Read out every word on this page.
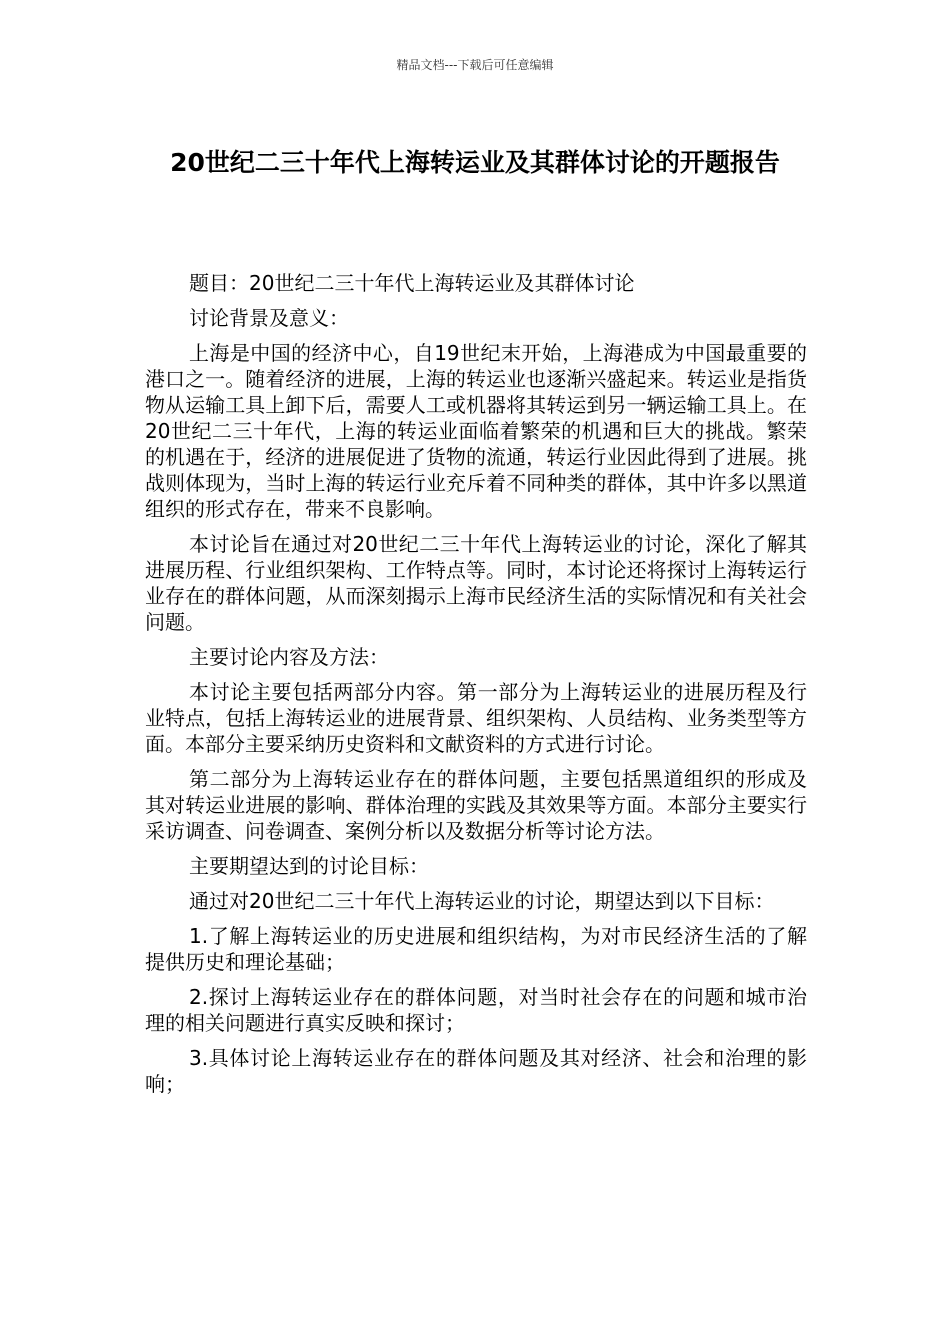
精品文档---下载后可任意编辑
20世纪二三十年代上海转运业及其群体讨论的开题报告

题目：20世纪二三十年代上海转运业及其群体讨论

讨论背景及意义：

上海是中国的经济中心，自19世纪末开始，上海港成为中国最重要的港口之一。随着经济的进展，上海的转运业也逐渐兴盛起来。转运业是指货物从运输工具上卸下后，需要人工或机器将其转运到另一辆运输工具上。在20世纪二三十年代，上海的转运业面临着繁荣的机遇和巨大的挑战。繁荣的机遇在于，经济的进展促进了货物的流通，转运行业因此得到了进展。挑战则体现为，当时上海的转运行业充斥着不同种类的群体，其中许多以黑道组织的形式存在，带来不良影响。

本讨论旨在通过对20世纪二三十年代上海转运业的讨论，深化了解其进展历程、行业组织架构、工作特点等。同时，本讨论还将探讨上海转运行业存在的群体问题，从而深刻揭示上海市民经济生活的实际情况和有关社会问题。

主要讨论内容及方法：

本讨论主要包括两部分内容。第一部分为上海转运业的进展历程及行业特点，包括上海转运业的进展背景、组织架构、人员结构、业务类型等方面。本部分主要采纳历史资料和文献资料的方式进行讨论。

第二部分为上海转运业存在的群体问题，主要包括黑道组织的形成及其对转运业进展的影响、群体治理的实践及其效果等方面。本部分主要实行采访调查、问卷调查、案例分析以及数据分析等讨论方法。

主要期望达到的讨论目标：

通过对20世纪二三十年代上海转运业的讨论，期望达到以下目标：

1.了解上海转运业的历史进展和组织结构，为对市民经济生活的了解提供历史和理论基础；

2.探讨上海转运业存在的群体问题，对当时社会存在的问题和城市治理的相关问题进行真实反映和探讨；

3.具体讨论上海转运业存在的群体问题及其对经济、社会和治理的影响；
